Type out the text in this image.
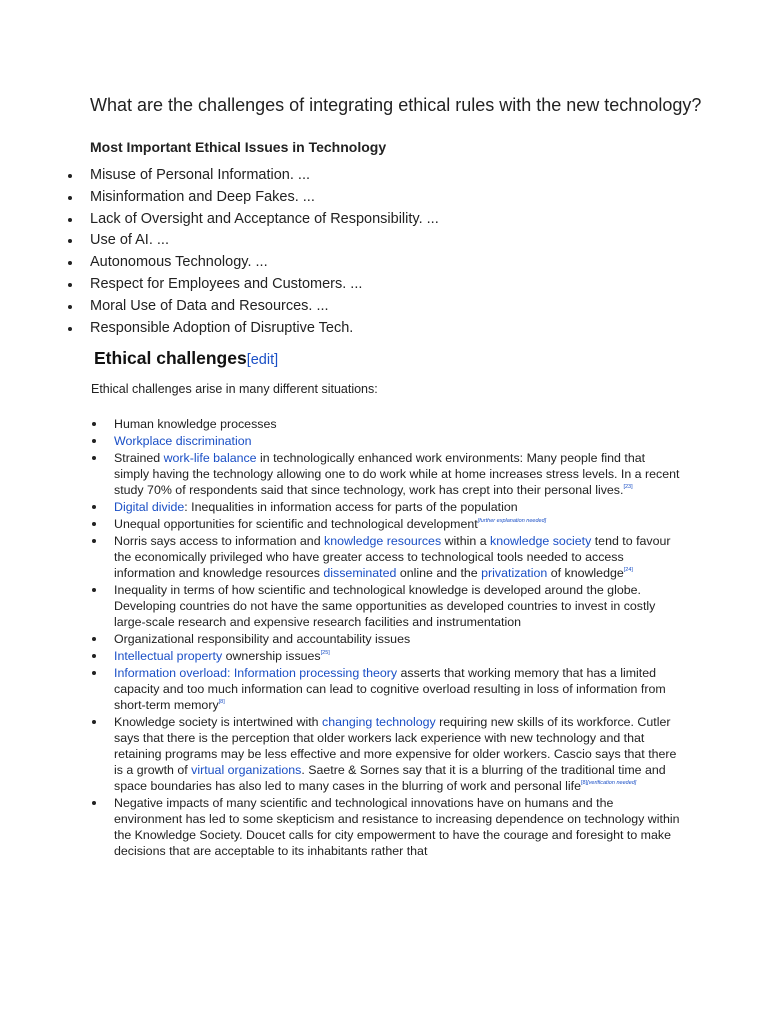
What are the challenges of integrating ethical rules with the new technology?
Most Important Ethical Issues in Technology
Misuse of Personal Information. ...
Misinformation and Deep Fakes. ...
Lack of Oversight and Acceptance of Responsibility. ...
Use of AI. ...
Autonomous Technology. ...
Respect for Employees and Customers. ...
Moral Use of Data and Resources. ...
Responsible Adoption of Disruptive Tech.
Ethical challenges[edit]

Ethical challenges arise in many different situations:

Human knowledge processes
Workplace discrimination
Strained work-life balance in technologically enhanced work environments: Many people find that simply having the technology allowing one to do work while at home increases stress levels. In a recent study 70% of respondents said that since technology, work has crept into their personal lives.[23]
Digital divide: Inequalities in information access for parts of the population
Unequal opportunities for scientific and technological development[further explanation needed]
Norris says access to information and knowledge resources within a knowledge society tend to favour the economically privileged who have greater access to technological tools needed to access information and knowledge resources disseminated online and the privatization of knowledge[24]
Inequality in terms of how scientific and technological knowledge is developed around the globe. Developing countries do not have the same opportunities as developed countries to invest in costly large-scale research and expensive research facilities and instrumentation
Organizational responsibility and accountability issues
Intellectual property ownership issues[25]
Information overload: Information processing theory asserts that working memory that has a limited capacity and too much information can lead to cognitive overload resulting in loss of information from short-term memory[8]
Knowledge society is intertwined with changing technology requiring new skills of its workforce. Cutler says that there is the perception that older workers lack experience with new technology and that retaining programs may be less effective and more expensive for older workers. Cascio says that there is a growth of virtual organizations. Saetre & Sornes say that it is a blurring of the traditional time and space boundaries has also led to many cases in the blurring of work and personal life[8][verification needed]
Negative impacts of many scientific and technological innovations have on humans and the environment has led to some skepticism and resistance to increasing dependence on technology within the Knowledge Society. Doucet calls for city empowerment to have the courage and foresight to make decisions that are acceptable to its inhabitants rather that
